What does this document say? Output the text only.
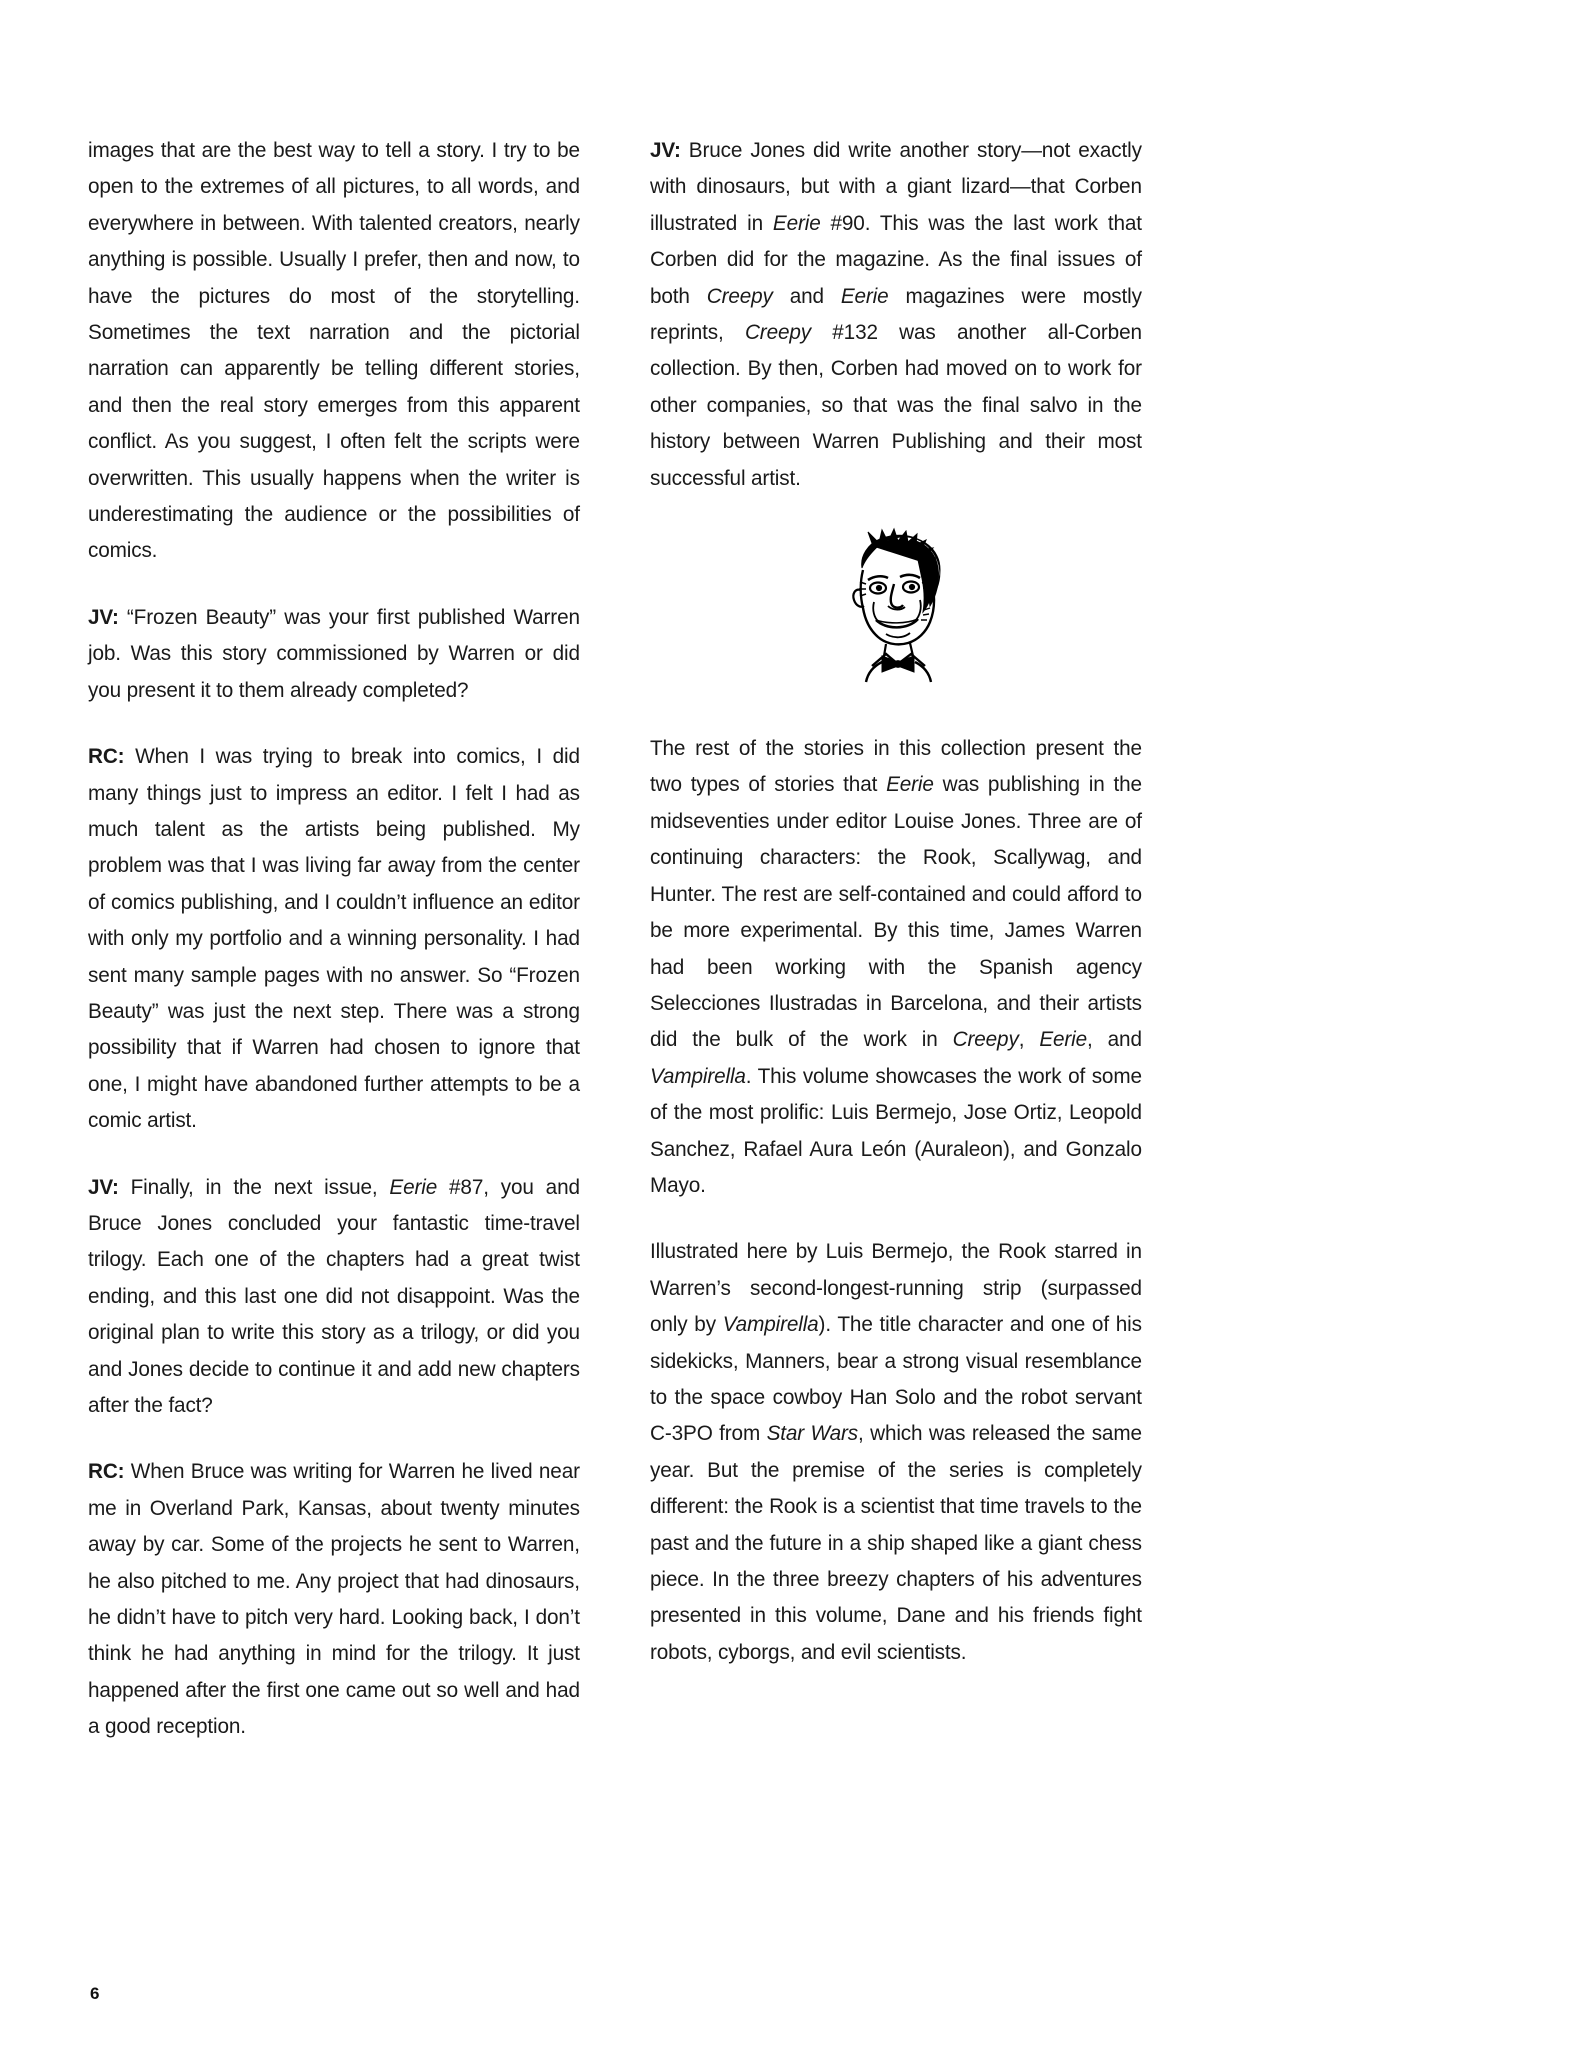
images that are the best way to tell a story. I try to be open to the extremes of all pictures, to all words, and everywhere in between. With talented creators, nearly anything is possible. Usually I prefer, then and now, to have the pictures do most of the storytelling. Sometimes the text narration and the pictorial narration can apparently be telling different stories, and then the real story emerges from this apparent conflict. As you suggest, I often felt the scripts were overwritten. This usually happens when the writer is underestimating the audience or the possibilities of comics.

JV: “Frozen Beauty” was your first published Warren job. Was this story commissioned by Warren or did you present it to them already completed?

RC: When I was trying to break into comics, I did many things just to impress an editor. I felt I had as much talent as the artists being published. My problem was that I was living far away from the center of comics publishing, and I couldn’t influence an editor with only my portfolio and a winning personality. I had sent many sample pages with no answer. So “Frozen Beauty” was just the next step. There was a strong possibility that if Warren had chosen to ignore that one, I might have abandoned further attempts to be a comic artist.

JV: Finally, in the next issue, Eerie #87, you and Bruce Jones concluded your fantastic time-travel trilogy. Each one of the chapters had a great twist ending, and this last one did not disappoint. Was the original plan to write this story as a trilogy, or did you and Jones decide to continue it and add new chapters after the fact?

RC: When Bruce was writing for Warren he lived near me in Overland Park, Kansas, about twenty minutes away by car. Some of the projects he sent to Warren, he also pitched to me. Any project that had dinosaurs, he didn’t have to pitch very hard. Looking back, I don’t think he had anything in mind for the trilogy. It just happened after the first one came out so well and had a good reception.

JV: Bruce Jones did write another story—not exactly with dinosaurs, but with a giant lizard—that Corben illustrated in Eerie #90. This was the last work that Corben did for the magazine. As the final issues of both Creepy and Eerie magazines were mostly reprints, Creepy #132 was another all-Corben collection. By then, Corben had moved on to work for other companies, so that was the final salvo in the history between Warren Publishing and their most successful artist.

The rest of the stories in this collection present the two types of stories that Eerie was publishing in the midseventies under editor Louise Jones. Three are of continuing characters: the Rook, Scallywag, and Hunter. The rest are self-contained and could afford to be more experimental. By this time, James Warren had been working with the Spanish agency Selecciones Ilustradas in Barcelona, and their artists did the bulk of the work in Creepy, Eerie, and Vampirella. This volume showcases the work of some of the most prolific: Luis Bermejo, Jose Ortiz, Leopold Sanchez, Rafael Aura León (Auraleon), and Gonzalo Mayo.

Illustrated here by Luis Bermejo, the Rook starred in Warren’s second-longest-running strip (surpassed only by Vampirella). The title character and one of his sidekicks, Manners, bear a strong visual resemblance to the space cowboy Han Solo and the robot servant C-3PO from Star Wars, which was released the same year. But the premise of the series is completely different: the Rook is a scientist that time travels to the past and the future in a ship shaped like a giant chess piece. In the three breezy chapters of his adventures presented in this volume, Dane and his friends fight robots, cyborgs, and evil scientists.

6
